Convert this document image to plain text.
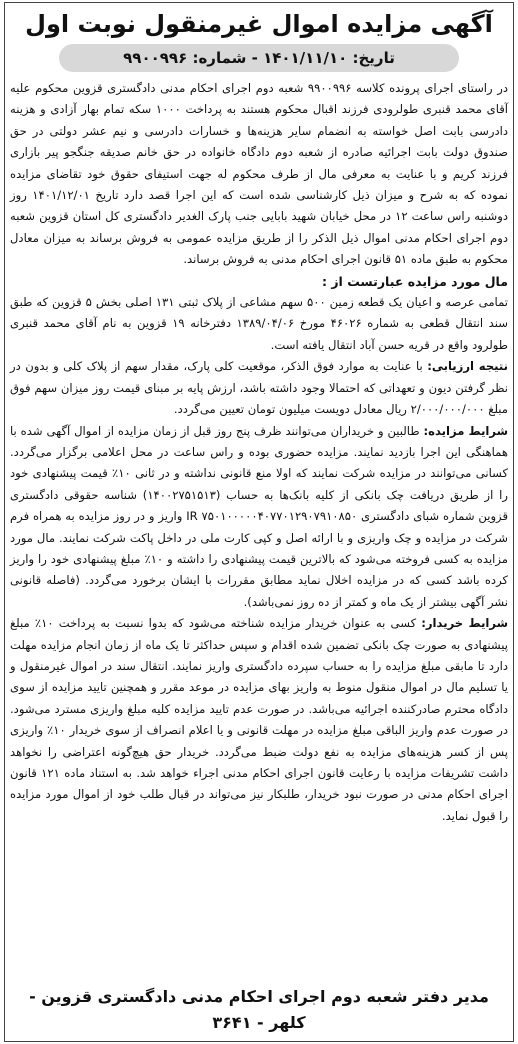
آگهی مزایده اموال غیرمنقول نوبت اول
تاریخ: ۱۴۰۱/۱۱/۱۰ - شماره: ۹۹۰۰۹۹۶

در راستای اجرای پرونده کلاسه ۹۹۰۰۹۹۶ شعبه دوم اجرای احکام مدنی دادگستری قزوین محکوم علیه آقای محمد قنبری طولرودی فرزند اقبال محکوم هستند به پرداخت ۱۰۰۰ سکه تمام بهار آزادی و هزینه دادرسی بابت اصل خواسته به انضمام سایر هزینه‌ها و خسارات دادرسی و نیم عشر دولتی در حق صندوق دولت بابت اجرائیه صادره از شعبه دوم دادگاه خانواده در حق خانم صدیقه جنگجو پیر بازاری فرزند کریم و با عنایت به معرفی مال از طرف محکوم له جهت استیفای حقوق خود تقاضای مزایده نموده که به شرح و میزان ذیل کارشناسی شده است که این اجرا قصد دارد تاریخ ۱۴۰۱/۱۲/۰۱ روز دوشنبه راس ساعت ۱۲ در محل خیابان شهید بابایی جنب پارک الغدیر دادگستری کل استان قزوین شعبه دوم اجرای احکام مدنی اموال ذیل الذکر را از طریق مزایده عمومی به فروش برساند به میزان معادل محکوم به طبق ماده ۵۱ قانون اجرای احکام مدنی به فروش برساند.

مال مورد مزایده عبارتست از :

تمامی عرصه و اعیان یک قطعه زمین ۵۰۰ سهم مشاعی از پلاک ثبتی ۱۳۱ اصلی بخش ۵ قزوین که طبق سند انتقال قطعی به شماره ۴۶۰۲۶ مورخ ۱۳۸۹/۰۴/۰۶ دفترخانه ۱۹ قزوین به نام آقای محمد قنبری طولرود واقع در قریه حسن آباد انتقال یافته است.

نتیجه ارزیابی: با عنایت به موارد فوق الذکر، موقعیت کلی پارک، مقدار سهم از پلاک کلی و بدون در نظر گرفتن دیون و تعهداتی که احتمالا وجود داشته باشد، ارزش پایه بر مبنای قیمت روز میزان سهم فوق مبلغ ۲/۰۰۰/۰۰۰/۰۰۰ ریال معادل دویست میلیون تومان تعیین می‌گردد.

شرایط مزایده: طالبین و خریداران می‌توانند ظرف پنج روز قبل از زمان مزایده از اموال آگهی شده با هماهنگی این اجرا بازدید نمایند. مزایده حضوری بوده و راس ساعت در محل اعلامی برگزار می‌گردد. کسانی می‌توانند در مزایده شرکت نمایند که اولا منع قانونی نداشته و در ثانی ۱۰٪ قیمت پیشنهادی خود را از طریق دریافت چک بانکی از کلیه بانک‌ها به حساب (۱۴۰۰۲۷۵۱۵۱۳) شناسه حقوقی دادگستری قزوین شماره شبای دادگستری IR ۷۵۰۱۰۰۰۰۰۴۰۷۷۰۱۲۹۰۷۹۱۰۸۵۰ واریز و در روز مزایده به همراه فرم شرکت در مزایده و چک واریزی و با ارائه اصل و کپی کارت ملی در داخل پاکت شرکت نمایند. مال مورد مزایده به کسی فروخته می‌شود که بالاترین قیمت پیشنهادی را داشته و ۱۰٪ مبلغ پیشنهادی خود را واریز کرده باشد کسی که در مزایده اخلال نماید مطابق مقررات با ایشان برخورد می‌گردد. (فاصله قانونی نشر آگهی بیشتر از یک ماه و کمتر از ده روز نمی‌باشد).

شرایط خریدار: کسی به عنوان خریدار مزایده شناخته می‌شود که بدوا نسبت به پرداخت ۱۰٪ مبلغ پیشنهادی به صورت چک بانکی تضمین شده اقدام و سپس حداکثر تا یک ماه از زمان انجام مزایده مهلت دارد تا مابقی مبلغ مزایده را به حساب سپرده دادگستری واریز نمایند. انتقال سند در اموال غیرمنقول و یا تسلیم مال در اموال منقول منوط به واریز بهای مزایده در موعد مقرر و همچنین تایید مزایده از سوی دادگاه محترم صادرکننده اجرائیه می‌باشد. در صورت عدم تایید مزایده کلیه مبلغ واریزی مسترد می‌شود. در صورت عدم واریز الباقی مبلغ مزایده در مهلت قانونی و یا اعلام انصراف از سوی خریدار ۱۰٪ واریزی پس از کسر هزینه‌های مزایده به نفع دولت ضبط می‌گردد. خریدار حق هیچ‌گونه اعتراضی را نخواهد داشت تشریفات مزایده با رعایت قانون اجرای احکام مدنی اجراء خواهد شد. به استناد ماده ۱۲۱ قانون اجرای احکام مدنی در صورت نبود خریدار، طلبکار نیز می‌تواند در قبال طلب خود از اموال مورد مزایده را قبول نماید.

مدیر دفتر شعبه دوم اجرای احکام مدنی دادگستری قزوین - کلهر - ۳۶۴۱
